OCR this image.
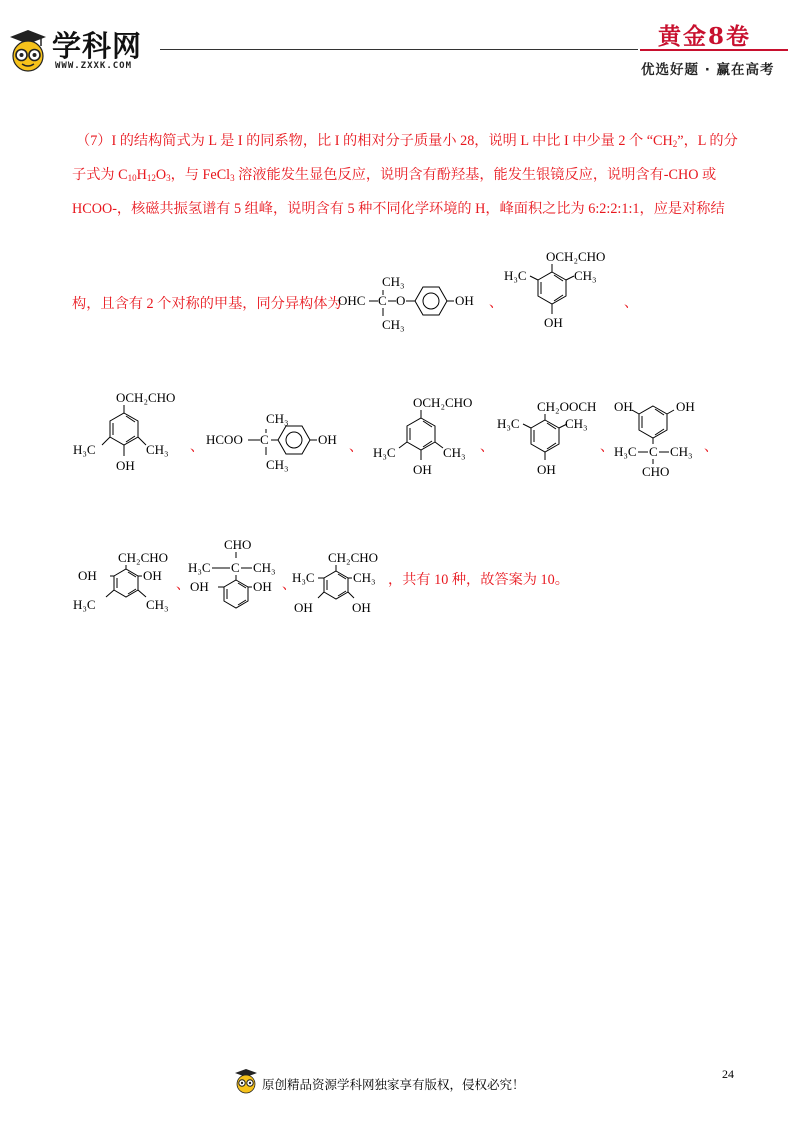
学科网
WWW.ZXXK.COM
黄金8卷
优选好题 · 赢在高考
（7）I 的结构简式为 L 是 I 的同系物，比 I 的相对分子质量小 28，说明 L 中比 I 中少量 2 个 “$CH_2$”，L 的分
子式为 $C_{10}H_{12}O_3$，与 FeCl$_3$ 溶液能发生显色反应，说明含有酚羟基，能发生银镜反应，说明含有-CHO 或
HCOO-，核磁共振氢谱有 5 组峰，说明含有 5 种不同化学环境的 H，峰面积之比为 6:2:2:1:1，应是对称结
构，且含有 2 个对称的甲基，同分异构体为
OHC C
CH₃
CH₃
O	OH 、
OCH₂CHO
H₃C	CH₃
OH
、
OCH₂CHO
H₃C	CH₃
OH
、
HCOO C
CH₃
CH₃
OH
、
OCH₂CHO
H₃C	CH₃
OH
、
CH₂OOCH
H₃C	CH₃
OH
、
OH	OH
H₃C C CH₃
CHO
、
CH₂CHO
OH	OH
H₃C	CH₃
、
CHO
H₃C C CH₃
OH	OH 、
CH₂CHO
H₃C	CH₃
OH	OH
，共有 10 种，故答案为 10。
24
原创精品资源学科网独家享有版权，侵权必究！
